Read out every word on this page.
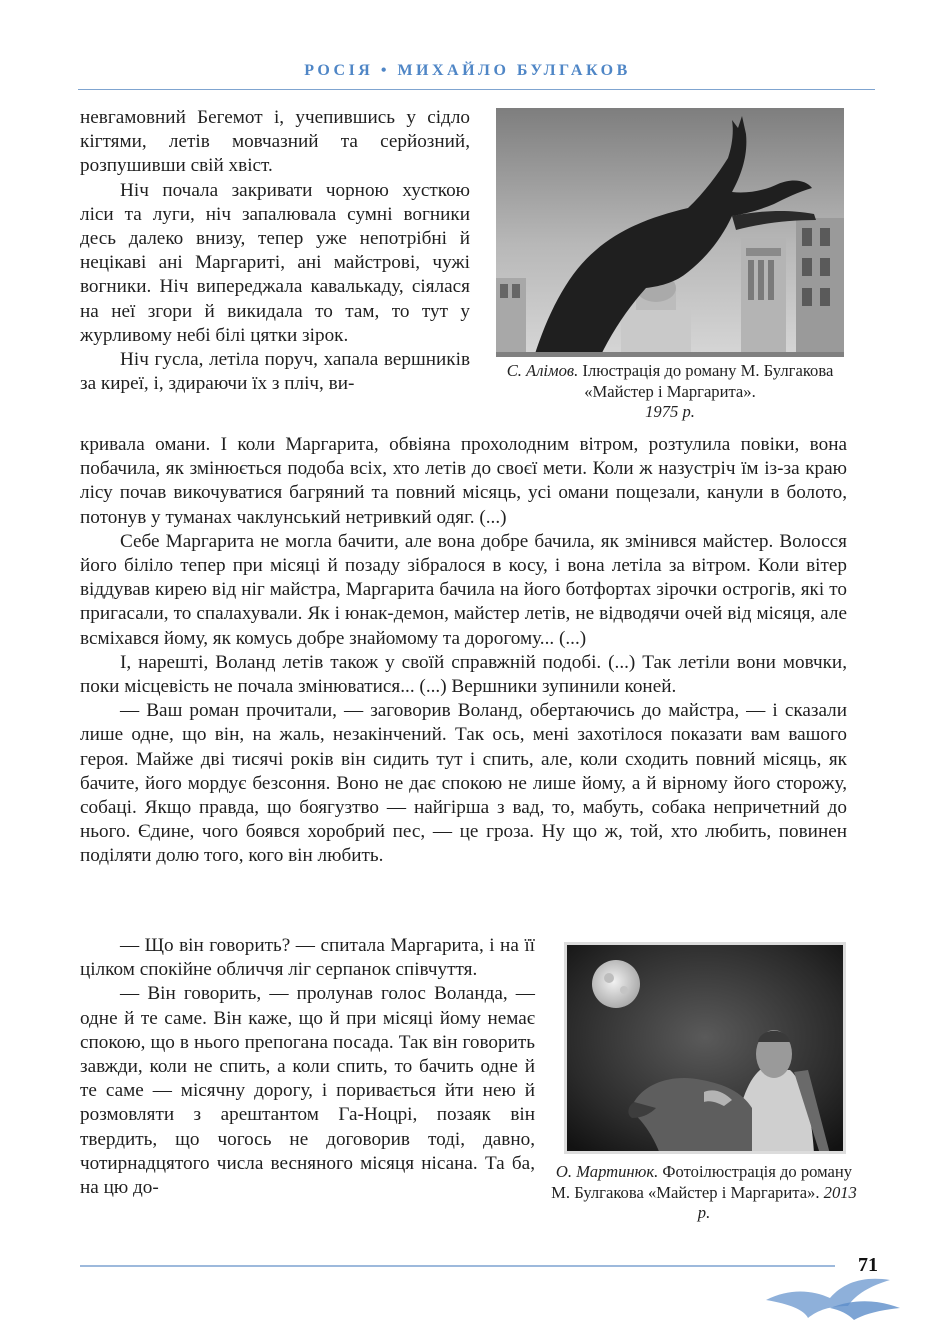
РОСІЯ • МИХАЙЛО БУЛГАКОВ

невгамовний Бегемот і, учепившись у сідло кігтями, летів мовчазний та серйозний, розпушивши свій хвіст.

Ніч почала закривати чорною хусткою ліси та луги, ніч запалювала сумні вогники десь далеко внизу, тепер уже непотрібні й нецікаві ані Маргариті, ані майстрові, чужі вогники. Ніч випереджала кавалькаду, сіялася на неї згори й викидала то там, то тут у журливому небі білі цятки зірок.

Ніч гусла, летіла поруч, хапала вершників за киреї, і, здираючи їх з пліч, ви-

С. Алімов. Ілюстрація до роману М. Булгакова «Майстер і Маргарита».
1975 р.

кривала омани. І коли Маргарита, обвіяна прохолодним вітром, розтулила повіки, вона побачила, як змінюється подоба всіх, хто летів до своєї мети. Коли ж назустріч їм із-за краю лісу почав викочуватися багряний та повний місяць, усі омани пощезали, канули в болото, потонув у туманах чаклунський нетривкий одяг. (...)

Себе Маргарита не могла бачити, але вона добре бачила, як змінився майстер. Волосся його біліло тепер при місяці й позаду зібралося в косу, і вона летіла за вітром. Коли вітер віддував кирею від ніг майстра, Маргарита бачила на його ботфортах зірочки острогів, які то пригасали, то спалахували. Як і юнак-демон, майстер летів, не відводячи очей від місяця, але всміхався йому, як комусь добре знайомому та дорогому... (...)

І, нарешті, Воланд летів також у своїй справжній подобі. (...) Так летіли вони мовчки, поки місцевість не почала змінюватися... (...) Вершники зупинили коней.

— Ваш роман прочитали, — заговорив Воланд, обертаючись до майстра, — і сказали лише одне, що він, на жаль, незакінчений. Так ось, мені захотілося показати вам вашого героя. Майже дві тисячі років він сидить тут і спить, але, коли сходить повний місяць, як бачите, його мордує безсоння. Воно не дає спокою не лише йому, а й вірному його сторожу, собаці. Якщо правда, що боягузтво — найгірша з вад, то, мабуть, собака непричетний до нього. Єдине, чого боявся хоробрий пес, — це гроза. Ну що ж, той, хто любить, повинен поділяти долю того, кого він любить.

— Що він говорить? — спитала Маргарита, і на її цілком спокійне обличчя ліг серпанок співчуття.

— Він говорить, — пролунав голос Воланда, — одне й те саме. Він каже, що й при місяці йому немає спокою, що в нього препогана посада. Так він говорить завжди, коли не спить, а коли спить, то бачить одне й те саме — місячну дорогу, і поривається йти нею й розмовляти з арештантом Га-Ноцрі, позаяк він твердить, що чогось не договорив тоді, давно, чотирнадцятого числа весняного місяця нісана. Та ба, на цю до-

О. Мартинюк. Фотоілюстрація до роману М. Булгакова «Майстер і Маргарита». 2013 р.
71
